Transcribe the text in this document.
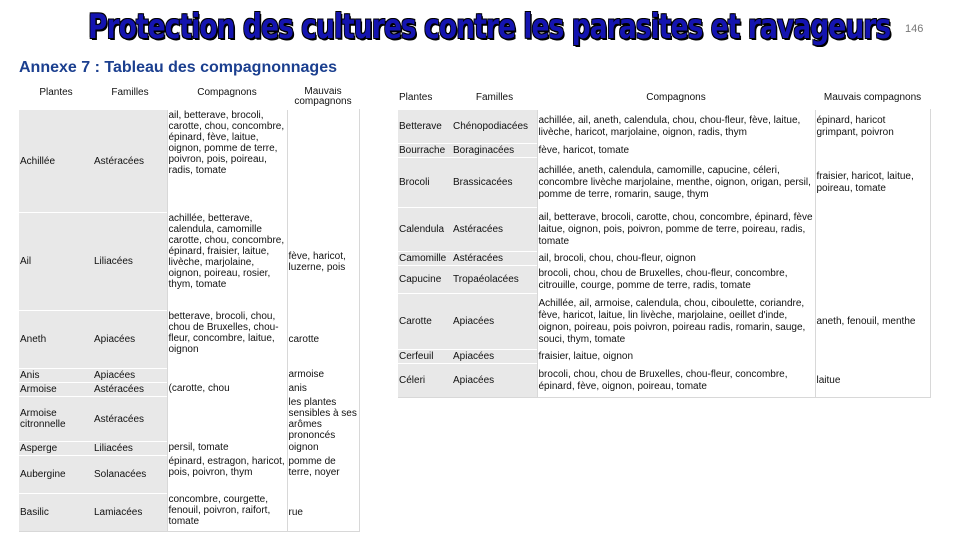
Protection des cultures contre les parasites et ravageurs 146
Annexe 7 : Tableau des compagnonnages
Plantes	Familles	Compagnons	Mauvais compagnons
Achillée	Astéracées	ail, betterave, brocoli, carotte, chou, concombre, épinard, fève, laitue, oignon, pomme de terre, poivron, pois, poireau, radis, tomate	
Ail	Liliacées	achillée, betterave, calendula, camomille carotte, chou, concombre, épinard, fraisier, laitue, livèche, marjolaine, oignon, poireau, rosier, thym, tomate	fève, haricot, luzerne, pois
Aneth	Apiacées	betterave, brocoli, chou, chou de Bruxelles, chou-fleur, concombre, laitue, oignon	carotte
Anis	Apiacées		armoise
Armoise	Astéracées	(carotte, chou	anis
Armoise citronnelle	Astéracées		les plantes sensibles à ses arômes prononcés
Asperge	Liliacées	persil, tomate	oignon
Aubergine	Solanacées	épinard, estragon, haricot, pois, poivron, thym	pomme de terre, noyer
Basilic	Lamiacées	concombre, courgette, fenouil, poivron, raifort, tomate	rue
Plantes	Familles	Compagnons	Mauvais compagnons
Betterave	Chénopodiacées	achillée, ail, aneth, calendula, chou, chou-fleur, fève, laitue, livèche, haricot, marjolaine, oignon, radis, thym	épinard, haricot grimpant, poivron
Bourrache	Boraginacées	fève, haricot, tomate	
Brocoli	Brassicacées	achillée, aneth, calendula, camomille, capucine, céleri, concombre livèche marjolaine, menthe, oignon, origan, persil, pomme de terre, romarin, sauge, thym	fraisier, haricot, laitue, poireau, tomate
Calendula	Astéracées	ail, betterave, brocoli, carotte, chou, concombre, épinard, fève laitue, oignon, pois, poivron, pomme de terre, poireau, radis, tomate	
Camomille	Astéracées	ail, brocoli, chou, chou-fleur, oignon	
Capucine	Tropaéolacées	brocoli, chou, chou de Bruxelles, chou-fleur, concombre, citrouille, courge, pomme de terre, radis, tomate	
Carotte	Apiacées	Achillée, ail, armoise, calendula, chou, ciboulette, coriandre, fève, haricot, laitue, lin livèche, marjolaine, oeillet d'inde, oignon, poireau, pois poivron, poireau radis, romarin, sauge, souci, thym, tomate	aneth, fenouil, menthe
Cerfeuil	Apiacées	fraisier, laitue, oignon	
Céleri	Apiacées	brocoli, chou, chou de Bruxelles, chou-fleur, concombre, épinard, fève, oignon, poireau, tomate	laitue
